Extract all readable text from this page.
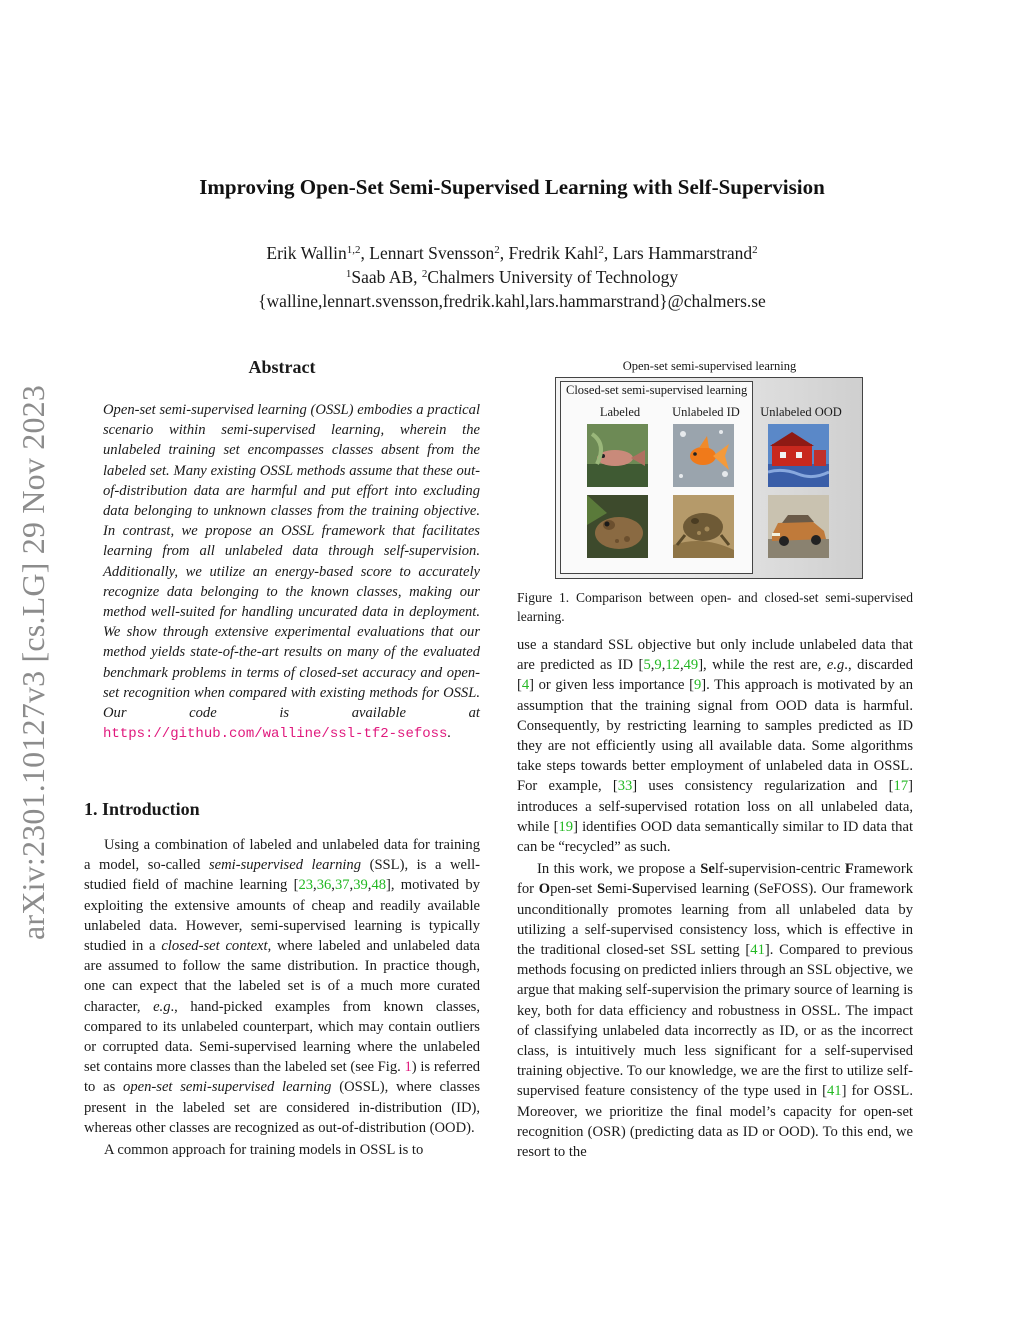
arXiv:2301.10127v3 [cs.LG] 29 Nov 2023
Improving Open-Set Semi-Supervised Learning with Self-Supervision
Erik Wallin$^{1,2}$, Lennart Svensson$^2$, Fredrik Kahl$^2$, Lars Hammarstrand$^2$
$^1$Saab AB, $^2$Chalmers University of Technology
{walline,lennart.svensson,fredrik.kahl,lars.hammarstrand}@chalmers.se
Abstract
Open-set semi-supervised learning (OSSL) embodies a practical scenario within semi-supervised learning, wherein the unlabeled training set encompasses classes absent from the labeled set. Many existing OSSL methods assume that these out-of-distribution data are harmful and put effort into excluding data belonging to unknown classes from the training objective. In contrast, we propose an OSSL framework that facilitates learning from all unlabeled data through self-supervision. Additionally, we utilize an energy-based score to accurately recognize data belonging to the known classes, making our method well-suited for handling uncurated data in deployment. We show through extensive experimental evaluations that our method yields state-of-the-art results on many of the evaluated benchmark problems in terms of closed-set accuracy and open-set recognition when compared with existing methods for OSSL. Our code is available at https://github.com/walline/ssl-tf2-sefoss.
1. Introduction

Using a combination of labeled and unlabeled data for training a model, so-called semi-supervised learning (SSL), is a well-studied field of machine learning [23,36,37,39,48], motivated by exploiting the extensive amounts of cheap and readily available unlabeled data. However, semi-supervised learning is typically studied in a closed-set context, where labeled and unlabeled data are assumed to follow the same distribution. In practice though, one can expect that the labeled set is of a much more curated character, e.g., hand-picked examples from known classes, compared to its unlabeled counterpart, which may contain outliers or corrupted data. Semi-supervised learning where the unlabeled set contains more classes than the labeled set (see Fig. 1) is referred to as open-set semi-supervised learning (OSSL), where classes present in the labeled set are considered in-distribution (ID), whereas other classes are recognized as out-of-distribution (OOD).

A common approach for training models in OSSL is to

Open-set semi-supervised learning
Closed-set semi-supervised learning
Labeled	Unlabeled ID	Unlabeled OOD
Figure 1. Comparison between open- and closed-set semi-supervised learning.

use a standard SSL objective but only include unlabeled data that are predicted as ID [5,9,12,49], while the rest are, e.g., discarded [4] or given less importance [9]. This approach is motivated by an assumption that the training signal from OOD data is harmful. Consequently, by restricting learning to samples predicted as ID they are not efficiently using all available data. Some algorithms take steps towards better employment of unlabeled data in OSSL. For example, [33] uses consistency regularization and [17] introduces a self-supervised rotation loss on all unlabeled data, while [19] identifies OOD data semantically similar to ID data that can be “recycled” as such.

In this work, we propose a Self-supervision-centric Framework for Open-set Semi-Supervised learning (SeFOSS). Our framework unconditionally promotes learning from all unlabeled data by utilizing a self-supervised consistency loss, which is effective in the traditional closed-set SSL setting [41]. Compared to previous methods focusing on predicted inliers through an SSL objective, we argue that making self-supervision the primary source of learning is key, both for data efficiency and robustness in OSSL. The impact of classifying unlabeled data incorrectly as ID, or as the incorrect class, is intuitively much less significant for a self-supervised training objective. To our knowledge, we are the first to utilize self-supervised feature consistency of the type used in [41] for OSSL. Moreover, we prioritize the final model’s capacity for open-set recognition (OSR) (predicting data as ID or OOD). To this end, we resort to the
